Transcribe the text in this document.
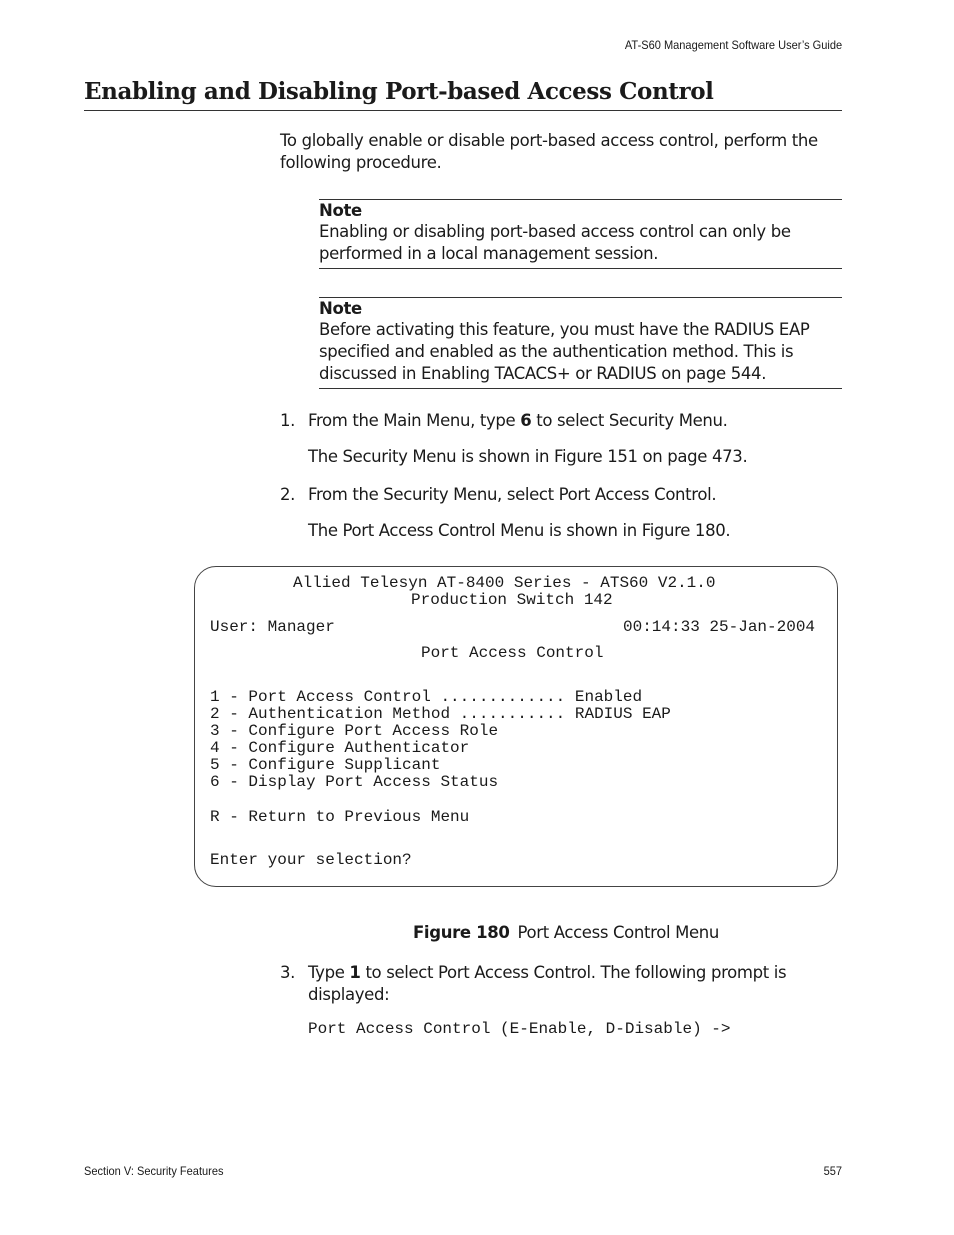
AT-S60 Management Software User’s Guide
Enabling and Disabling Port-based Access Control

To globally enable or disable port-based access control, perform the following procedure.

Note
Enabling or disabling port-based access control can only be performed in a local management session.
Note
Before activating this feature, you must have the RADIUS EAP specified and enabled as the authentication method. This is discussed in Enabling TACACS+ or RADIUS on page 544.
1. From the Main Menu, type 6 to select Security Menu.

The Security Menu is shown in Figure 151 on page 473.

2. From the Security Menu, select Port Access Control.

The Port Access Control Menu is shown in Figure 180.

Allied Telesyn AT-8400 Series - ATS60 V2.1.0
Production Switch 142
User: Manager	00:14:33 25-Jan-2004
Port Access Control
1 - Port Access Control ............. Enabled
2 - Authentication Method ........... RADIUS EAP
3 - Configure Port Access Role
4 - Configure Authenticator
5 - Configure Supplicant
6 - Display Port Access Status
R - Return to Previous Menu
Enter your selection?

Figure 180 Port Access Control Menu

3. Type 1 to select Port Access Control. The following prompt is displayed:
Port Access Control (E-Enable, D-Disable) ->
Section V: Security Features	557
